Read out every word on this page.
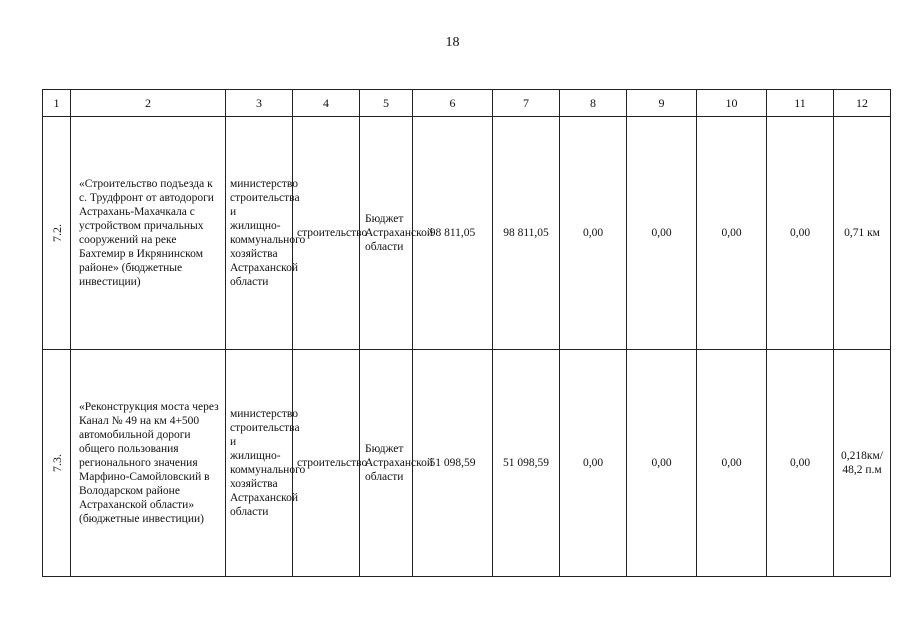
18
1	2	3	4	5	6	7	8	9	10	11	12
7.2.	«Строительство подъезда к с. Трудфронт от автодороги Астрахань-Махачкала с устройством причальных сооружений на реке Бахтемир в Икрянинском районе» (бюджетные инвестиции)	министерство строительства и жилищно-коммунального хозяйства Астраханской области	строительство	Бюджет Астраханской области	98 811,05	98 811,05	0,00	0,00	0,00	0,00	0,71 км
7.3.	«Реконструкция моста через Канал № 49 на км 4+500 автомобильной дороги общего пользования регионального значения Марфино-Самойловский в Володарском районе Астраханской области» (бюджетные инвестиции)	министерство строительства и жилищно-коммунального хозяйства Астраханской области	строительство	Бюджет Астраханской области	51 098,59	51 098,59	0,00	0,00	0,00	0,00	0,218км/ 48,2 п.м
